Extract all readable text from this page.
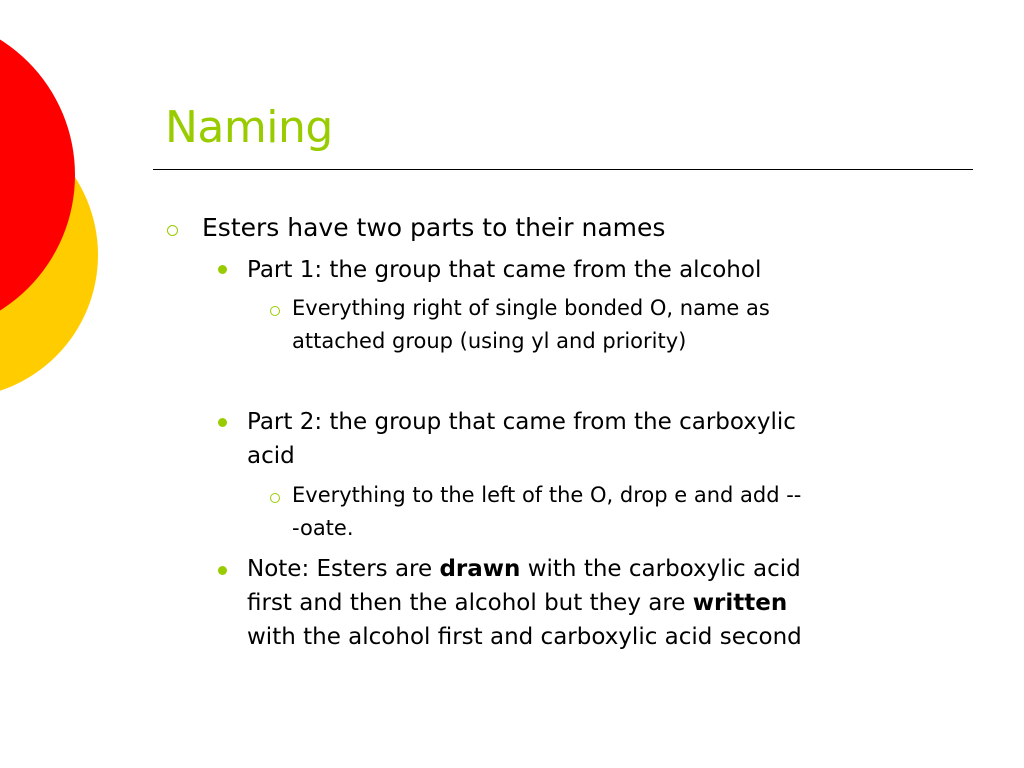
Naming
Esters have two parts to their names
Part 1: the group that came from the alcohol
Everything right of single bonded O, name as
attached group (using yl and priority)
Part 2: the group that came from the carboxylic
acid
Everything to the left of the O, drop e and add --
-oate.
Note: Esters are drawn with the carboxylic acid
first and then the alcohol but they are written
with the alcohol first and carboxylic acid second
